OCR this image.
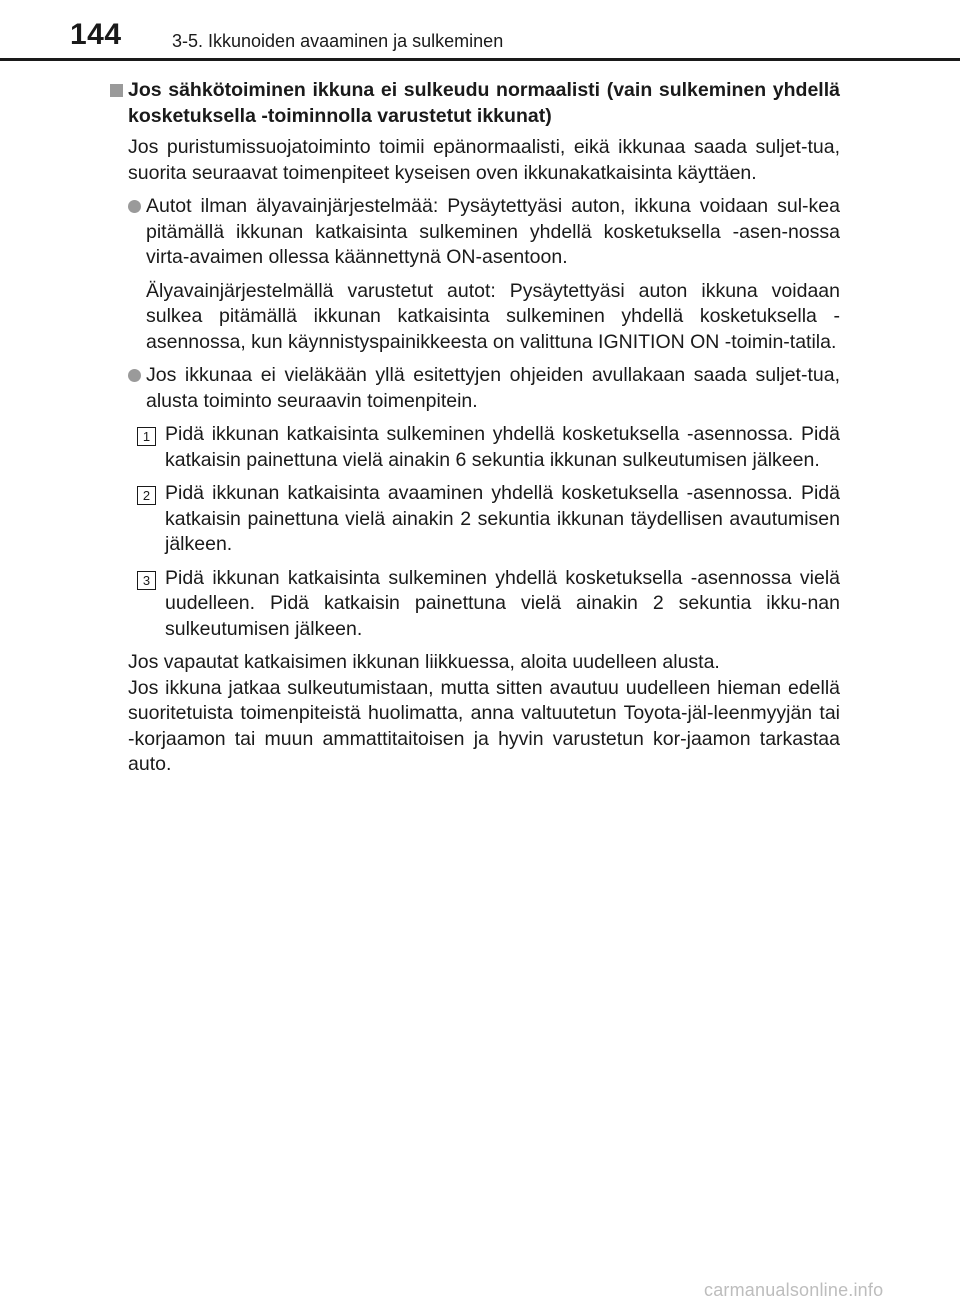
144	3-5. Ikkunoiden avaaminen ja sulkeminen
Jos sähkötoiminen ikkuna ei sulkeudu normaalisti (vain sulkeminen yhdellä kosketuksella -toiminnolla varustetut ikkunat)

Jos puristumissuojatoiminto toimii epänormaalisti, eikä ikkunaa saada suljet-tua, suorita seuraavat toimenpiteet kyseisen oven ikkunakatkaisinta käyttäen.

Autot ilman älyavainjärjestelmää: Pysäytettyäsi auton, ikkuna voidaan sul-kea pitämällä ikkunan katkaisinta sulkeminen yhdellä kosketuksella -asen-nossa virta-avaimen ollessa käännettynä ON-asentoon.

Älyavainjärjestelmällä varustetut autot: Pysäytettyäsi auton ikkuna voidaan sulkea pitämällä ikkunan katkaisinta sulkeminen yhdellä kosketuksella -asennossa, kun käynnistyspainikkeesta on valittuna IGNITION ON -toimin-tatila.

Jos ikkunaa ei vieläkään yllä esitettyjen ohjeiden avullakaan saada suljet-tua, alusta toiminto seuraavin toimenpitein.
1 Pidä ikkunan katkaisinta sulkeminen yhdellä kosketuksella -asennossa. Pidä katkaisin painettuna vielä ainakin 6 sekuntia ikkunan sulkeutumisen jälkeen.
2 Pidä ikkunan katkaisinta avaaminen yhdellä kosketuksella -asennossa. Pidä katkaisin painettuna vielä ainakin 2 sekuntia ikkunan täydellisen avautumisen jälkeen.
3 Pidä ikkunan katkaisinta sulkeminen yhdellä kosketuksella -asennossa vielä uudelleen. Pidä katkaisin painettuna vielä ainakin 2 sekuntia ikku-nan sulkeutumisen jälkeen.

Jos vapautat katkaisimen ikkunan liikkuessa, aloita uudelleen alusta.

Jos ikkuna jatkaa sulkeutumistaan, mutta sitten avautuu uudelleen hieman edellä suoritetuista toimenpiteistä huolimatta, anna valtuutetun Toyota-jäl-leenmyyjän tai -korjaamon tai muun ammattitaitoisen ja hyvin varustetun kor-jaamon tarkastaa auto.

carmanualsonline.info
